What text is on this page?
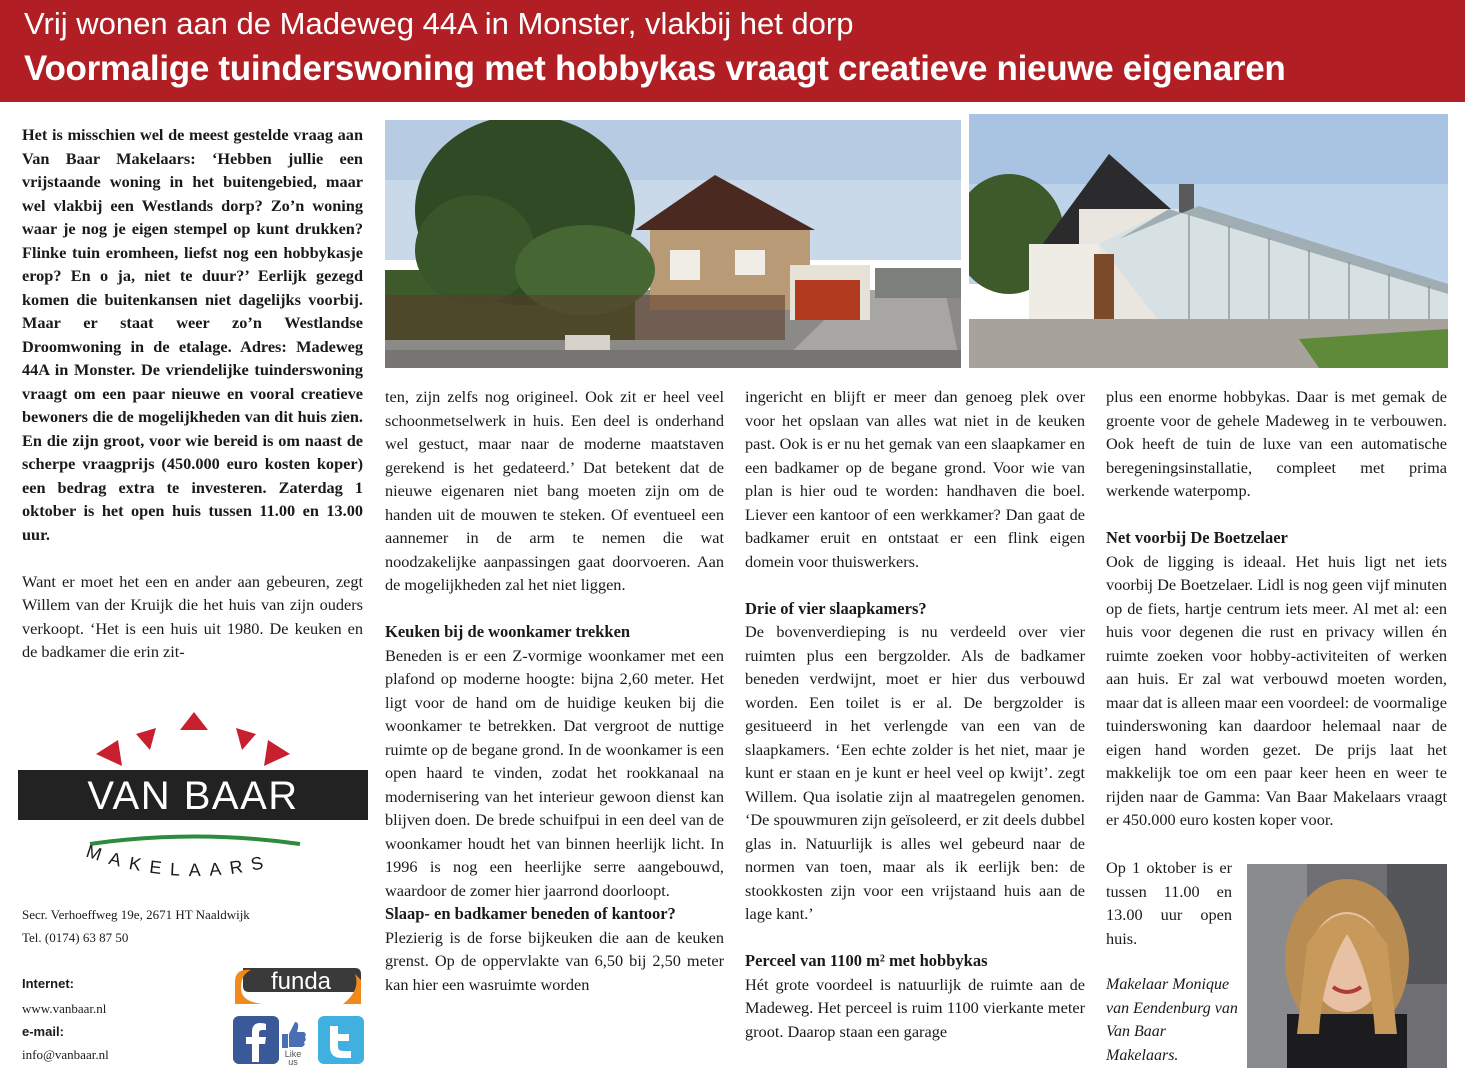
Vrij wonen aan de Madeweg 44A in Monster, vlakbij het dorp
Voormalige tuinderswoning met hobbykas vraagt creatieve nieuwe eigenaren

Het is misschien wel de meest gestelde vraag aan Van Baar Makelaars: ‘Hebben jullie een vrijstaande woning in het buitengebied, maar wel vlakbij een Westlands dorp? Zo’n woning waar je nog je eigen stempel op kunt drukken? Flinke tuin eromheen, liefst nog een hobbykasje erop? En o ja, niet te duur?’ Eerlijk gezegd komen die buitenkansen niet dagelijks voorbij. Maar er staat weer zo’n Westlandse Droomwoning in de etalage. Adres: Madeweg 44A in Monster. De vriendelijke tuinderswoning vraagt om een paar nieuwe en vooral creatieve bewoners die de mogelijkheden van dit huis zien. En die zijn groot, voor wie bereid is om naast de scherpe vraagprijs (450.000 euro kosten koper) een bedrag extra te investeren. Zaterdag 1 oktober is het open huis tussen 11.00 en 13.00 uur.

Want er moet het een en ander aan gebeuren, zegt Willem van der Kruijk die het huis van zijn ouders verkoopt. ‘Het is een huis uit 1980. De keuken en de badkamer die erin zit-

ten, zijn zelfs nog origineel. Ook zit er heel veel schoonmetselwerk in huis. Een deel is onderhand wel gestuct, maar naar de moderne maatstaven gerekend is het gedateerd.’ Dat betekent dat de nieuwe eigenaren niet bang moeten zijn om de handen uit de mouwen te steken. Of eventueel een aannemer in de arm te nemen die wat noodzakelijke aanpassingen gaat doorvoeren. Aan de mogelijkheden zal het niet liggen.

Keuken bij de woonkamer trekken

Beneden is er een Z-vormige woonkamer met een plafond op moderne hoogte: bijna 2,60 meter. Het ligt voor de hand om de huidige keuken bij die woonkamer te betrekken. Dat vergroot de nuttige ruimte op de begane grond. In de woonkamer is een open haard te vinden, zodat het rookkanaal na modernisering van het interieur gewoon dienst kan blijven doen. De brede schuifpui in een deel van de woonkamer houdt het van binnen heerlijk licht. In 1996 is nog een heerlijke serre aangebouwd, waardoor de zomer hier jaarrond doorloopt.

Slaap- en badkamer beneden of kantoor?

Plezierig is de forse bijkeuken die aan de keuken grenst. Op de oppervlakte van 6,50 bij 2,50 meter kan hier een wasruimte worden

ingericht en blijft er meer dan genoeg plek over voor het opslaan van alles wat niet in de keuken past. Ook is er nu het gemak van een slaapkamer en een badkamer op de begane grond. Voor wie van plan is hier oud te worden: handhaven die boel. Liever een kantoor of een werkkamer? Dan gaat de badkamer eruit en ontstaat er een flink eigen domein voor thuiswerkers.

Drie of vier slaapkamers?

De bovenverdieping is nu verdeeld over vier ruimten plus een bergzolder. Als de badkamer beneden verdwijnt, moet er hier dus verbouwd worden. Een toilet is er al. De bergzolder is gesitueerd in het verlengde van een van de slaapkamers. ‘Een echte zolder is het niet, maar je kunt er staan en je kunt er heel veel op kwijt’. zegt Willem. Qua isolatie zijn al maatregelen genomen. ‘De spouwmuren zijn geïsoleerd, er zit deels dubbel glas in. Natuurlijk is alles wel gebeurd naar de normen van toen, maar als ik eerlijk ben: de stookkosten zijn voor een vrijstaand huis aan de lage kant.’

Perceel van 1100 m² met hobbykas

Hét grote voordeel is natuurlijk de ruimte aan de Madeweg. Het perceel is ruim 1100 vierkante meter groot. Daarop staan een garage

plus een enorme hobbykas. Daar is met gemak de groente voor de gehele Madeweg in te verbouwen. Ook heeft de tuin de luxe van een automatische beregeningsinstallatie, compleet met prima werkende waterpomp.

Net voorbij De Boetzelaer

Ook de ligging is ideaal. Het huis ligt net iets voorbij De Boetzelaer. Lidl is nog geen vijf minuten op de fiets, hartje centrum iets meer. Al met al: een huis voor degenen die rust en privacy willen én ruimte zoeken voor hobby-activiteiten of werken aan huis. Er zal wat verbouwd moeten worden, maar dat is alleen maar een voordeel: de voormalige tuinderswoning kan daardoor helemaal naar de eigen hand worden gezet. De prijs laat het makkelijk toe om een paar keer heen en weer te rijden naar de Gamma: Van Baar Makelaars vraagt er 450.000 euro kosten koper voor.

Op 1 oktober is er tussen 11.00 en 13.00 uur open huis.

Makelaar Monique van Eendenburg van Van Baar Makelaars.
VAN BAAR
MAKELAARS
Secr. Verhoeffweg 19e, 2671 HT Naaldwijk
Tel. (0174) 63 87 50
Internet:
www.vanbaar.nl
e-mail:
info@vanbaar.nl
funda
Like
us
